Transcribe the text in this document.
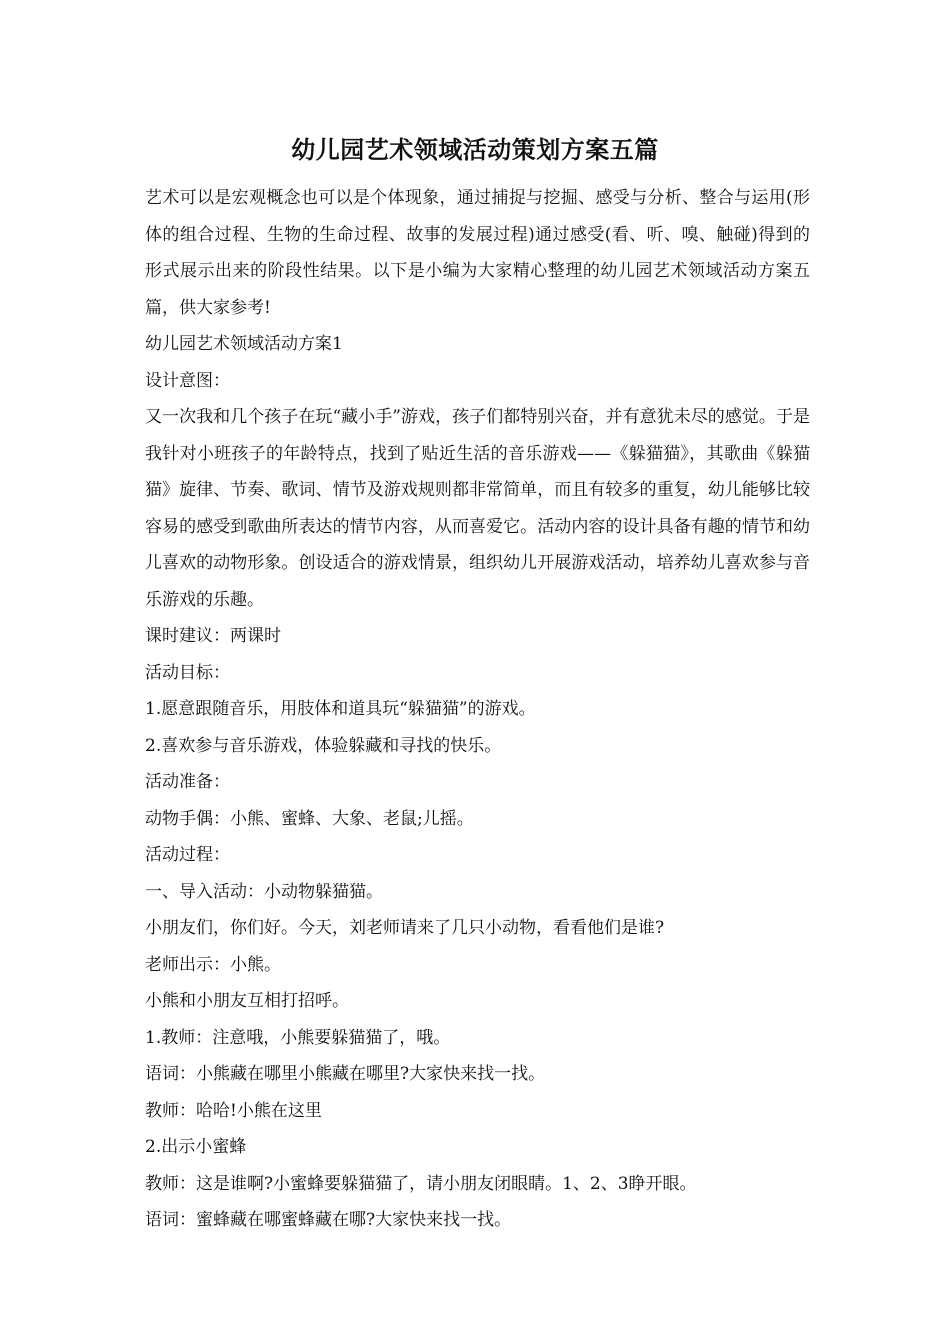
幼儿园艺术领域活动策划方案五篇

艺术可以是宏观概念也可以是个体现象，通过捕捉与挖掘、感受与分析、整合与运用(形体的组合过程、生物的生命过程、故事的发展过程)通过感受(看、听、嗅、触碰)得到的形式展示出来的阶段性结果。以下是小编为大家精心整理的幼儿园艺术领域活动方案五篇，供大家参考!

幼儿园艺术领域活动方案1

设计意图：

又一次我和几个孩子在玩“藏小手”游戏，孩子们都特别兴奋，并有意犹未尽的感觉。于是我针对小班孩子的年龄特点，找到了贴近生活的音乐游戏——《躲猫猫》，其歌曲《躲猫猫》旋律、节奏、歌词、情节及游戏规则都非常简单，而且有较多的重复，幼儿能够比较容易的感受到歌曲所表达的情节内容，从而喜爱它。活动内容的设计具备有趣的情节和幼儿喜欢的动物形象。创设适合的游戏情景，组织幼儿开展游戏活动，培养幼儿喜欢参与音乐游戏的乐趣。

课时建议：两课时

活动目标：

1.愿意跟随音乐，用肢体和道具玩“躲猫猫”的游戏。

2.喜欢参与音乐游戏，体验躲藏和寻找的快乐。

活动准备：

动物手偶：小熊、蜜蜂、大象、老鼠;儿摇。

活动过程：

一、导入活动：小动物躲猫猫。

小朋友们，你们好。今天，刘老师请来了几只小动物，看看他们是谁?

老师出示：小熊。

小熊和小朋友互相打招呼。

1.教师：注意哦，小熊要躲猫猫了，哦。

语词：小熊藏在哪里小熊藏在哪里?大家快来找一找。

教师：哈哈!小熊在这里

2.出示小蜜蜂

教师：这是谁啊?小蜜蜂要躲猫猫了，请小朋友闭眼睛。1、2、3睁开眼。

语词：蜜蜂藏在哪蜜蜂藏在哪?大家快来找一找。
